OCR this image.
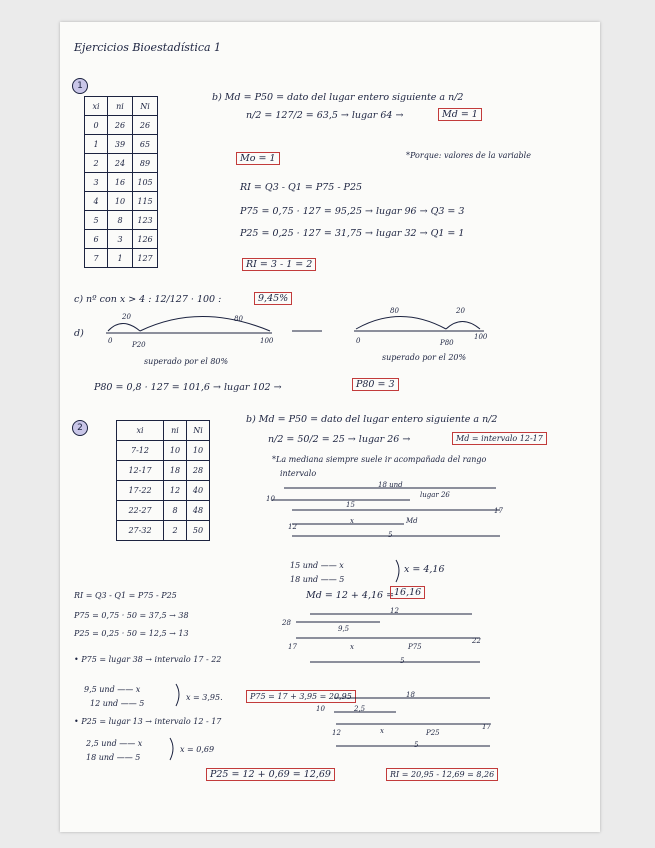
Ejercicios Bioestadística 1
1
xi	ni	Ni
0	26	26
1	39	65
2	24	89
3	16	105
4	10	115
5	8	123
6	3	126
7	1	127
b) Md = P50 = dato del lugar entero siguiente a n/2
n/2 = 127/2 = 63,5 → lugar 64 →	Md = 1
Mo = 1	*Porque: valores de la variable
RI = Q3 - Q1 = P75 - P25
P75 = 0,75 · 127 = 95,25 → lugar 96 → Q3 = 3
P25 = 0,25 · 127 = 31,75 → lugar 32 → Q1 = 1
RI = 3 - 1 = 2
c) nº con x > 4 : 12/127 · 100 :	9,45%
d)
20	80
0	P20	100
80	20
0	P80
100
superado por el 80%	superado por el 20%
P80 = 0,8 · 127 = 101,6 → lugar 102 →	P80 = 3
2	xi	ni	Ni
7-12	10	10
12-17	18	28
17-22	12	40
22-27	8	48
27-32	2	50
b) Md = P50 = dato del lugar entero siguiente a n/2
n/2 = 50/2 = 25 → lugar 26 →	Md = intervalo 12-17
*La mediana siempre suele ir acompañada del rango
intervalo
18 und
lugar 26
10
15
17
12
x	Md
5
15 und —— x
18 und —— 5
x = 4,16
Md = 12 + 4,16 = 16,16
RI = Q3 - Q1 = P75 - P25
P75 = 0,75 · 50 = 37,5 → 38
P25 = 0,25 · 50 = 12,5 → 13
12
28
9,5
17	x	P75
22
5
• P75 = lugar 38 → intervalo 17 - 22
9,5 und —— x
12 und —— 5
x = 3,95.	P75 = 17 + 3,95 = 20,95	18
10	2,5
12	x	P25
17
5
• P25 = lugar 13 → intervalo 12 - 17
2,5 und —— x
18 und —— 5
x = 0,69
P25 = 12 + 0,69 = 12,69	RI = 20,95 - 12,69 = 8,26
